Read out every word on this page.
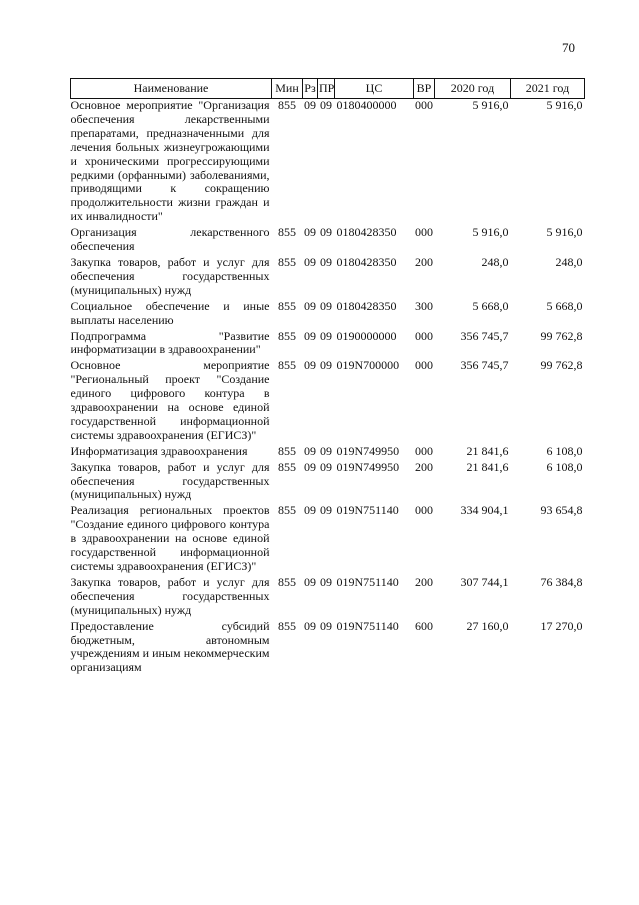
70
Наименование	Мин	Рз	ПР	ЦС	ВР	2020 год	2021 год
Основное мероприятие "Организация обеспечения лекарственными препаратами, предназначенными для лечения больных жизнеугрожающими и хроническими прогрессирующими редкими (орфанными) заболеваниями, приводящими к сокращению продолжительности жизни граждан и их инвалидности"	855	09	09	0180400000	000	5 916,0	5 916,0
Организация лекарственного обеспечения	855	09	09	0180428350	000	5 916,0	5 916,0
Закупка товаров, работ и услуг для обеспечения государственных (муниципальных) нужд	855	09	09	0180428350	200	248,0	248,0
Социальное обеспечение и иные выплаты населению	855	09	09	0180428350	300	5 668,0	5 668,0
Подпрограмма "Развитие информатизации в здравоохранении"	855	09	09	0190000000	000	356 745,7	99 762,8
Основное мероприятие "Региональный проект "Создание единого цифрового контура в здравоохранении на основе единой государственной информационной системы здравоохранения (ЕГИСЗ)"	855	09	09	019N700000	000	356 745,7	99 762,8
Информатизация здравоохранения	855	09	09	019N749950	000	21 841,6	6 108,0
Закупка товаров, работ и услуг для обеспечения государственных (муниципальных) нужд	855	09	09	019N749950	200	21 841,6	6 108,0
Реализация региональных проектов "Создание единого цифрового контура в здравоохранении на основе единой государственной информационной системы здравоохранения (ЕГИСЗ)"	855	09	09	019N751140	000	334 904,1	93 654,8
Закупка товаров, работ и услуг для обеспечения государственных (муниципальных) нужд	855	09	09	019N751140	200	307 744,1	76 384,8
Предоставление субсидий бюджетным, автономным учреждениям и иным некоммерческим организациям	855	09	09	019N751140	600	27 160,0	17 270,0
